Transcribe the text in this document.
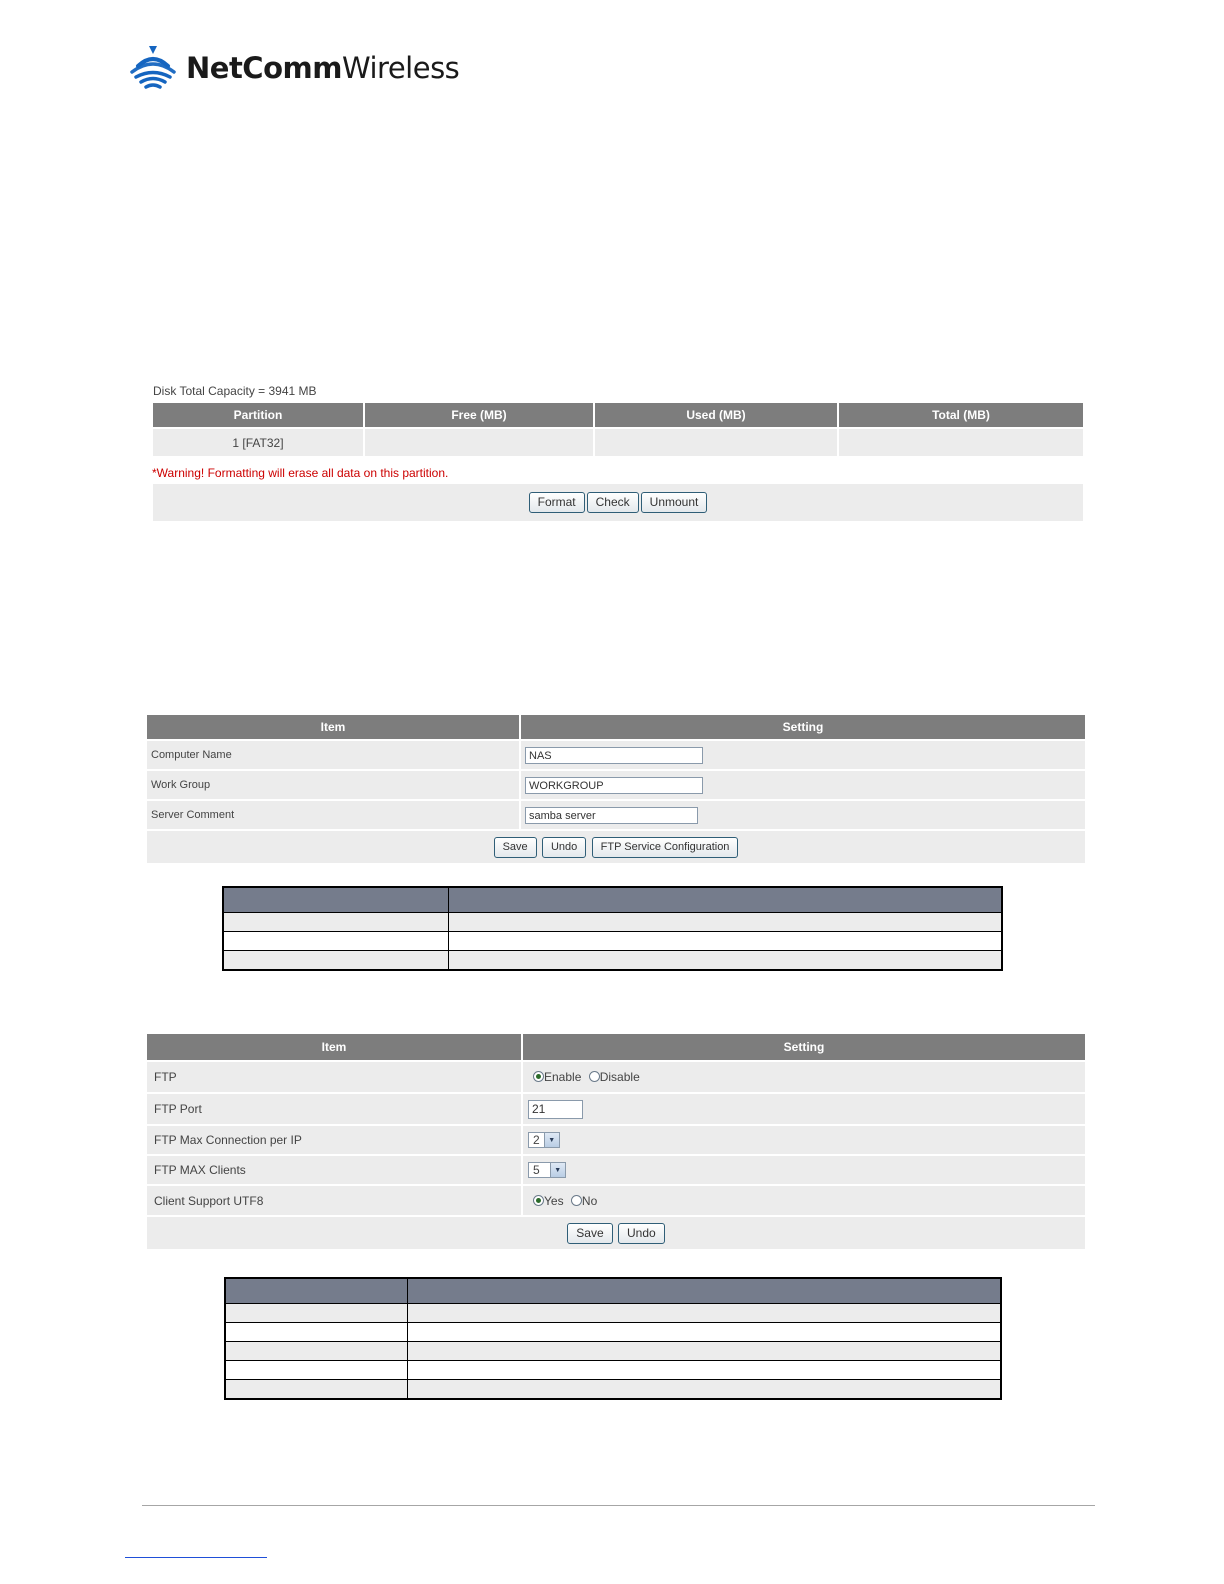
NetCommWireless
Disk Total Capacity = 3941 MB
Partition	Free (MB)	Used (MB)	Total (MB)
1 [FAT32]			
*Warning! Formatting will erase all data on this partition.
Format	Check	Unmount
Item	Setting
Computer Name	NAS
Work Group	WORKGROUP
Server Comment	samba server
Save Undo FTP Service Configuration	

Item	Setting
FTP	Enable Disable
FTP Port	21
FTP Max Connection per IP	2 ▼

FTP MAX Clients	5 ▼

Client Support UTF8	Yes No
Save Undo	
